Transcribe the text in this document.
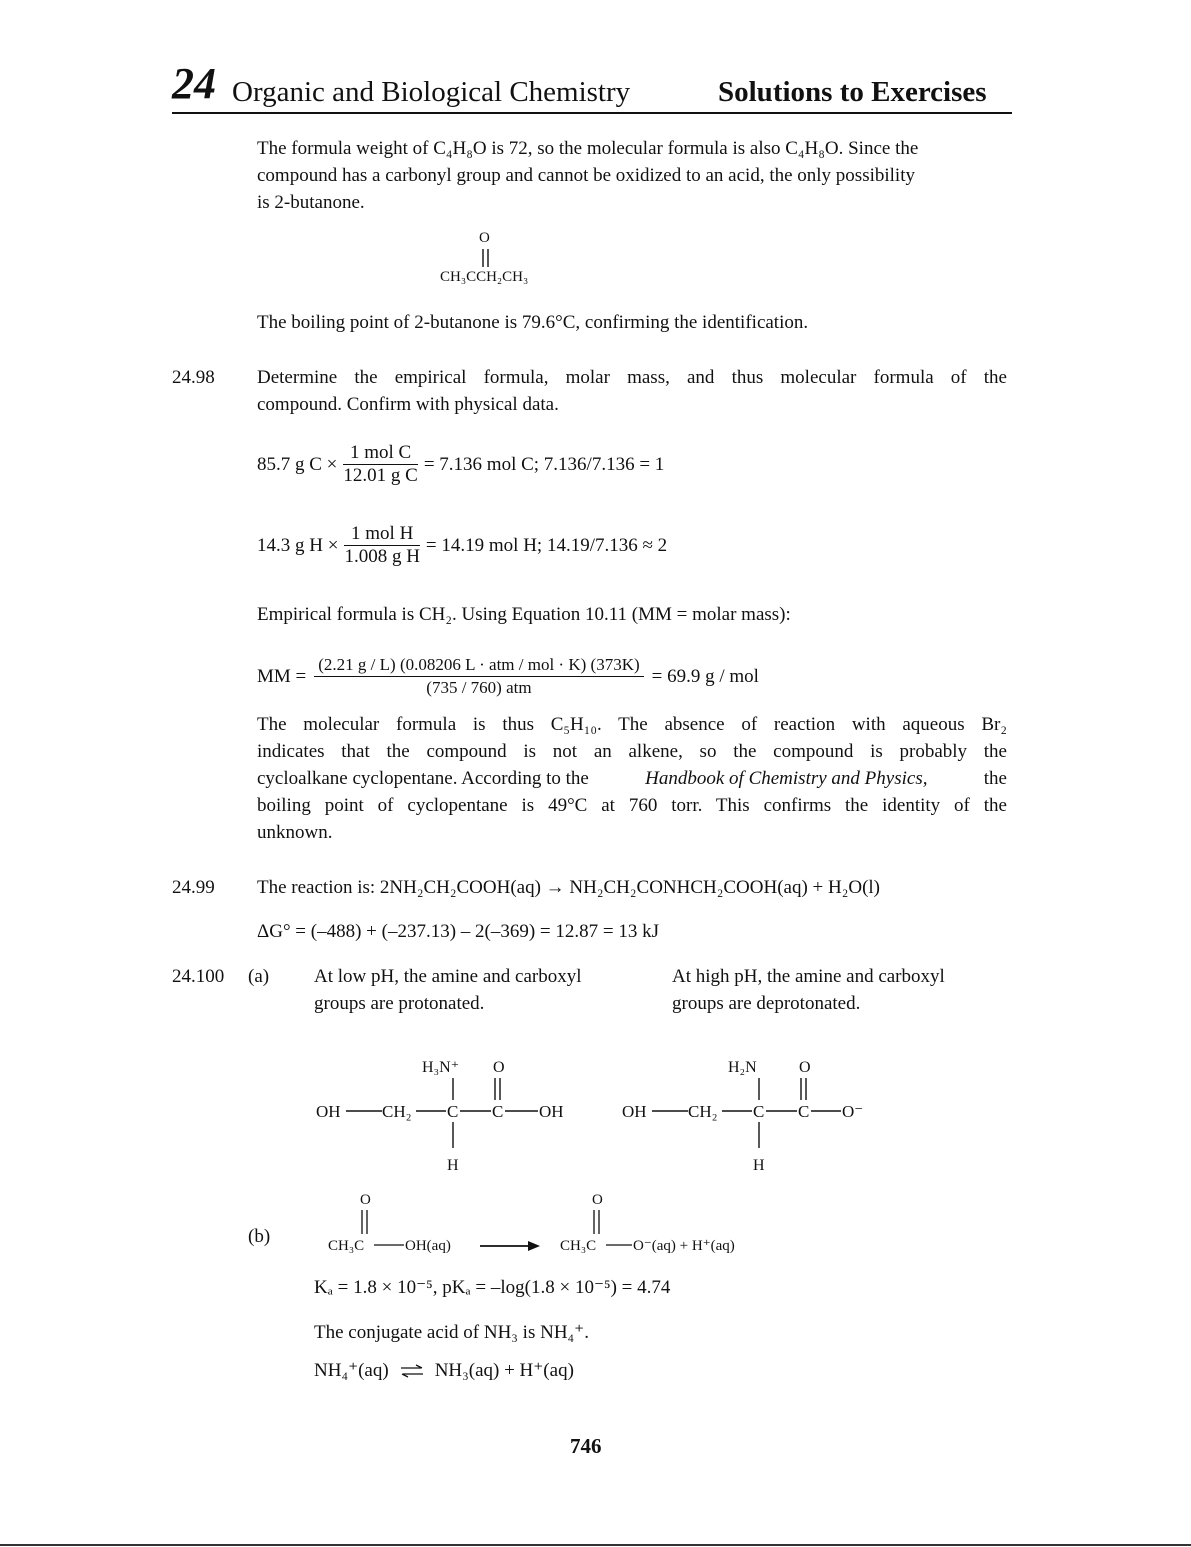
24 Organic and Biological Chemistry	Solutions to Exercises
The formula weight of C₄H₈O is 72, so the molecular formula is also C₄H₈O. Since the
compound has a carbonyl group and cannot be oxidized to an acid, the only possibility
is 2-butanone.
O
CH₃CCH₂CH₃
The boiling point of 2-butanone is 79.6°C, confirming the identification.
24.98 Determine the empirical formula, molar mass, and thus molecular formula of the
compound. Confirm with physical data.
85.7 g $C \times \frac{\text{1 mol C}}{\text{12.01 g C}} = 7.136$ mol C; 7.136/7.136 = 1
14.3 g $H \times \frac{\text{1 mol H}}{\text{1.008 g H}} = 14.19$ mol H; 14.19/7.136 ≈ 2
Empirical formula is CH₂. Using Equation 10.11 (MM = molar mass):
MM = $\frac{\text{(2.21 g / L) (0.08206 L · atm / mol · K) (373K)}}{\text{(735 / 760) atm}} = 69.9$ g / mol
The molecular formula is thus C₅H₁₀. The absence of reaction with aqueous Br₂
indicates that the compound is not an alkene, so the compound is probably the
cycloalkane cyclopentane. According to the	Handbook of Chemistry and Physics,	the
boiling point of cyclopentane is 49°C at 760 torr. This confirms the identity of the
unknown.
24.99 The reaction is: 2NH₂CH₂COOH(aq) → NH₂CH₂CONHCH₂COOH(aq) + H₂O(l)
ΔG° = (–488) + (–237.13) – 2(–369) = 12.87 = 13 kJ
24.100 (a) At low pH, the amine and carboxyl
groups are protonated.
At high pH, the amine and carboxyl
groups are deprotonated.
H₃N⁺ O
OH CH₂ C C OH
H
H₂N	O
OH CH₂ C C O⁻
H
(b)
O
CH₃C	OH(aq)
O
CH₃C O⁻(aq) + H⁺(aq)
Kₐ = 1.8 × 10⁻⁵, pKₐ = –log(1.8 × 10⁻⁵) = 4.74
The conjugate acid of NH₃ is NH₄⁺.
NH₄⁺(aq) ⇌ NH₃(aq) + H⁺(aq)
746
